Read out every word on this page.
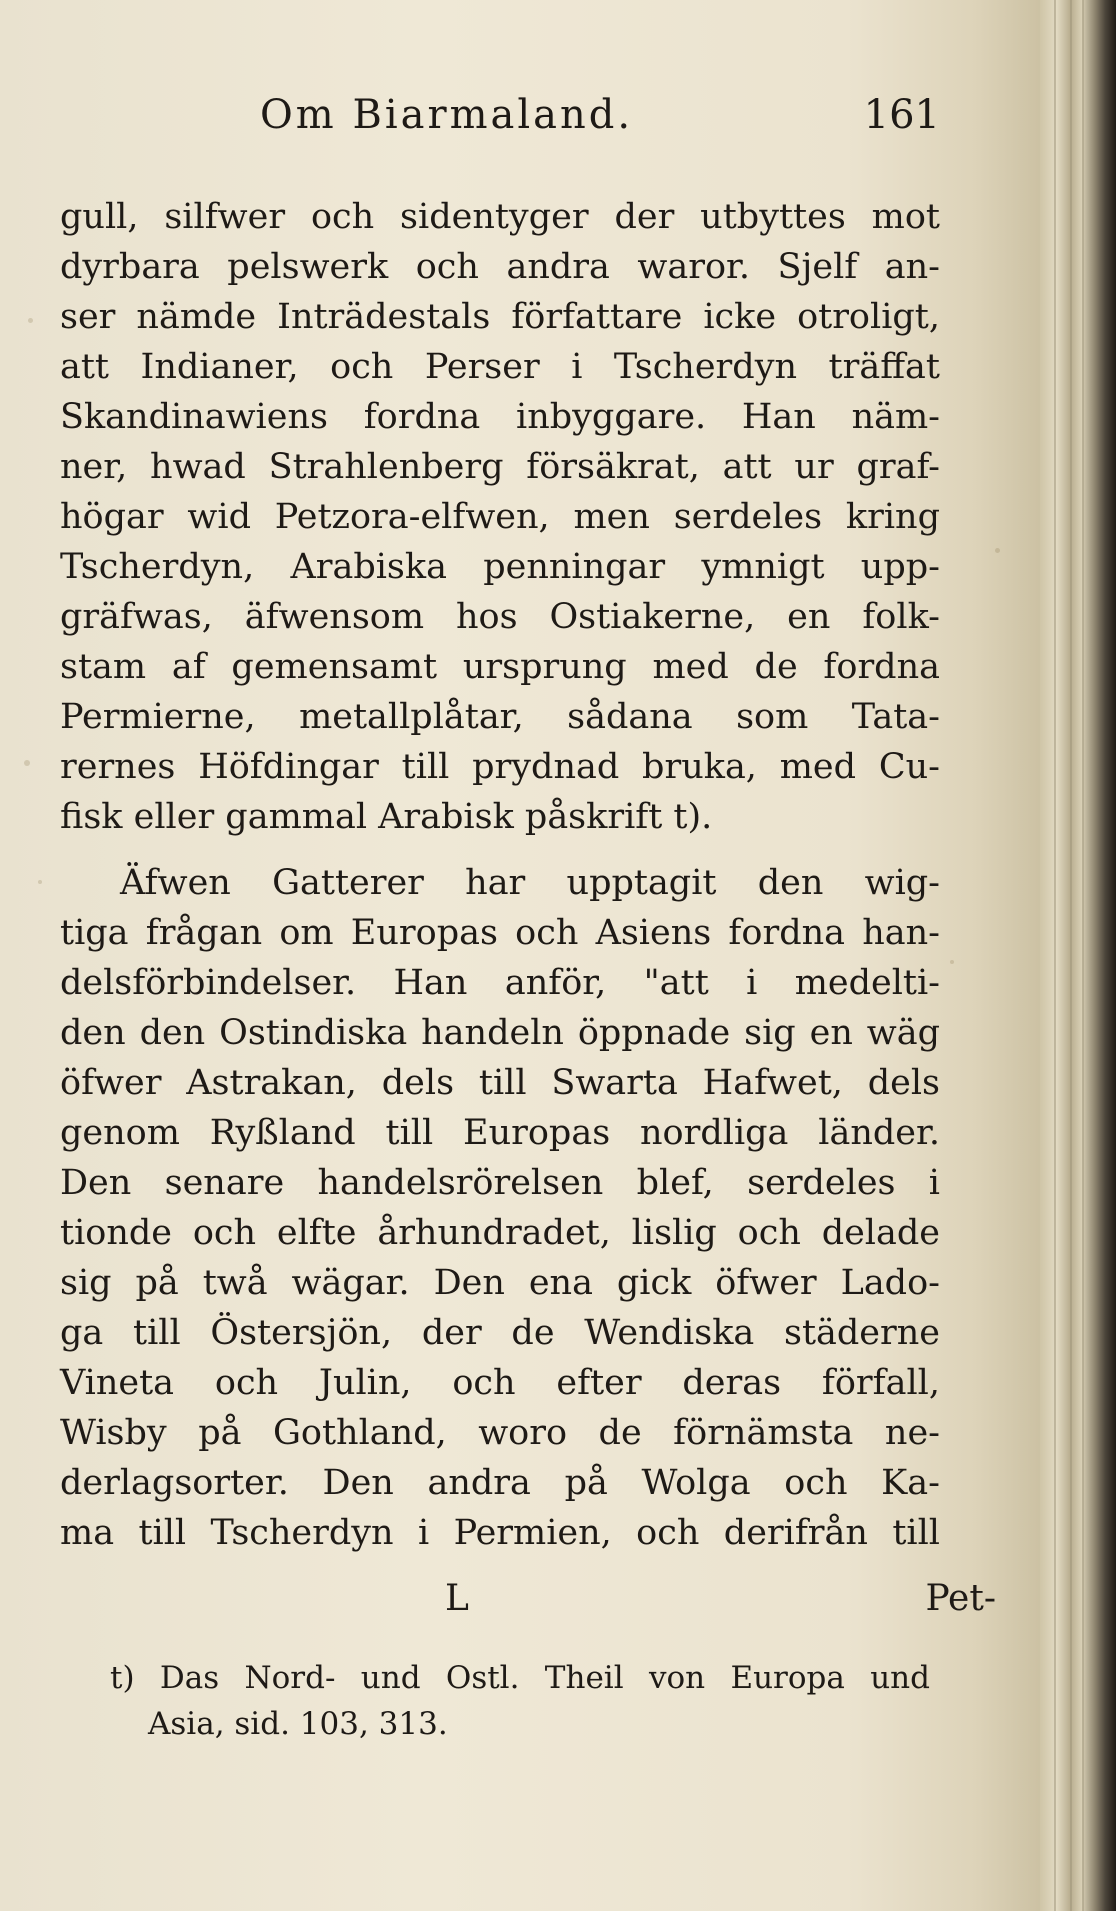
Om Biarmaland.	161
gull, silfwer och sidentyger der utbyttes mot
dyrbara pelswerk och andra waror. Sjelf an-
ser nämde Inträdestals författare icke otroligt,
att Indianer, och Perser i Tscherdyn träffat
Skandinawiens fordna inbyggare. Han näm-
ner, hwad Strahlenberg försäkrat, att ur graf-
högar wid Petzora-elfwen, men serdeles kring
Tscherdyn, Arabiska penningar ymnigt upp-
gräfwas, äfwensom hos Ostiakerne, en folk-
stam af gemensamt ursprung med de fordna
Permierne, metallplåtar, sådana som Tata-
rernes Höfdingar till prydnad bruka, med Cu-
fisk eller gammal Arabisk påskrift t).
Äfwen Gatterer har upptagit den wig-
tiga frågan om Europas och Asiens fordna han-
delsförbindelser. Han anför, "att i medelti-
den den Ostindiska handeln öppnade sig en wäg
öfwer Astrakan, dels till Swarta Hafwet, dels
genom Ryßland till Europas nordliga länder.
Den senare handelsrörelsen blef, serdeles i
tionde och elfte århundradet, lislig och delade
sig på twå wägar. Den ena gick öfwer Lado-
ga till Östersjön, der de Wendiska städerne
Vineta och Julin, och efter deras förfall,
Wisby på Gothland, woro de förnämsta ne-
derlagsorter. Den andra på Wolga och Ka-
ma till Tscherdyn i Permien, och derifrån till
L	Pet-
t) Das Nord- und Ostl. Theil von Europa und
Asia, sid. 103, 313.
